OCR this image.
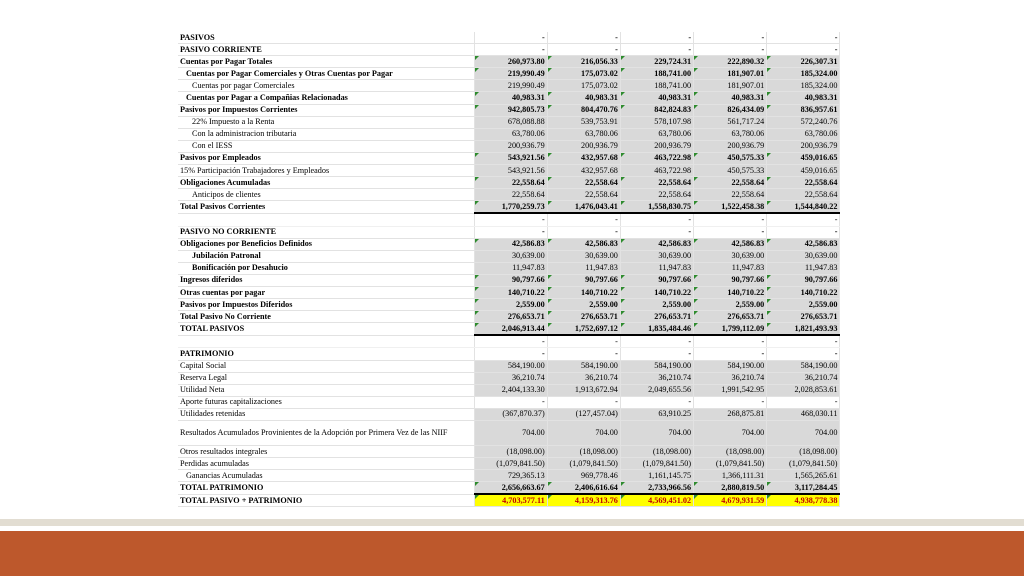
PASIVOS	-	-	-	-	-
PASIVO CORRIENTE	-	-	-	-	-
Cuentas por Pagar Totales	260,973.80	216,056.33	229,724.31	222,890.32	226,307.31
Cuentas por Pagar Comerciales y Otras Cuentas por Pagar	219,990.49	175,073.02	188,741.00	181,907.01	185,324.00
Cuentas por pagar Comerciales	219,990.49	175,073.02	188,741.00	181,907.01	185,324.00
Cuentas por Pagar a Compañias Relacionadas	40,983.31	40,983.31	40,983.31	40,983.31	40,983.31
Pasivos por Impuestos Corrientes	942,805.73	804,470.76	842,824.83	826,434.09	836,957.61
22% Impuesto a la Renta	678,088.88	539,753.91	578,107.98	561,717.24	572,240.76
Con la administracion tributaria	63,780.06	63,780.06	63,780.06	63,780.06	63,780.06
Con el IESS	200,936.79	200,936.79	200,936.79	200,936.79	200,936.79
Pasivos por Empleados	543,921.56	432,957.68	463,722.98	450,575.33	459,016.65
15% Participación Trabajadores y Empleados	543,921.56	432,957.68	463,722.98	450,575.33	459,016.65
Obligaciones Acumuladas	22,558.64	22,558.64	22,558.64	22,558.64	22,558.64
Anticipos de clientes	22,558.64	22,558.64	22,558.64	22,558.64	22,558.64
Total Pasivos Corrientes	1,770,259.73	1,476,043.41	1,558,830.75	1,522,458.38	1,544,840.22
	-	-	-	-	-
PASIVO NO CORRIENTE	-	-	-	-	-
Obligaciones por Beneficios Definidos	42,586.83	42,586.83	42,586.83	42,586.83	42,586.83
Jubilación Patronal	30,639.00	30,639.00	30,639.00	30,639.00	30,639.00
Bonificación por Desahucio	11,947.83	11,947.83	11,947.83	11,947.83	11,947.83
Ingresos diferidos	90,797.66	90,797.66	90,797.66	90,797.66	90,797.66
Otras cuentas por pagar	140,710.22	140,710.22	140,710.22	140,710.22	140,710.22
Pasivos por Impuestos Diferidos	2,559.00	2,559.00	2,559.00	2,559.00	2,559.00
Total Pasivo No Corriente	276,653.71	276,653.71	276,653.71	276,653.71	276,653.71
TOTAL PASIVOS	2,046,913.44	1,752,697.12	1,835,484.46	1,799,112.09	1,821,493.93
	-	-	-	-	-
PATRIMONIO	-	-	-	-	-
Capital Social	584,190.00	584,190.00	584,190.00	584,190.00	584,190.00
Reserva Legal	36,210.74	36,210.74	36,210.74	36,210.74	36,210.74
Utilidad Neta	2,404,133.30	1,913,672.94	2,049,655.56	1,991,542.95	2,028,853.61
Aporte futuras capitalizaciones	-	-	-	-	-
Utilidades retenidas	(367,870.37)	(127,457.04)	63,910.25	268,875.81	468,030.11
Resultados Acumulados Provinientes de la Adopción por Primera Vez de las NIIF	704.00	704.00	704.00	704.00	704.00
Otros resultados integrales	(18,098.00)	(18,098.00)	(18,098.00)	(18,098.00)	(18,098.00)
Perdidas acumuladas	(1,079,841.50)	(1,079,841.50)	(1,079,841.50)	(1,079,841.50)	(1,079,841.50)
Ganancias Acumuladas	729,365.13	969,778.46	1,161,145.75	1,366,111.31	1,565,265.61
TOTAL PATRIMONIO	2,656,663.67	2,406,616.64	2,733,966.56	2,880,819.50	3,117,284.45
TOTAL PASIVO + PATRIMONIO	4,703,577.11	4,159,313.76	4,569,451.02	4,679,931.59	4,938,778.38
